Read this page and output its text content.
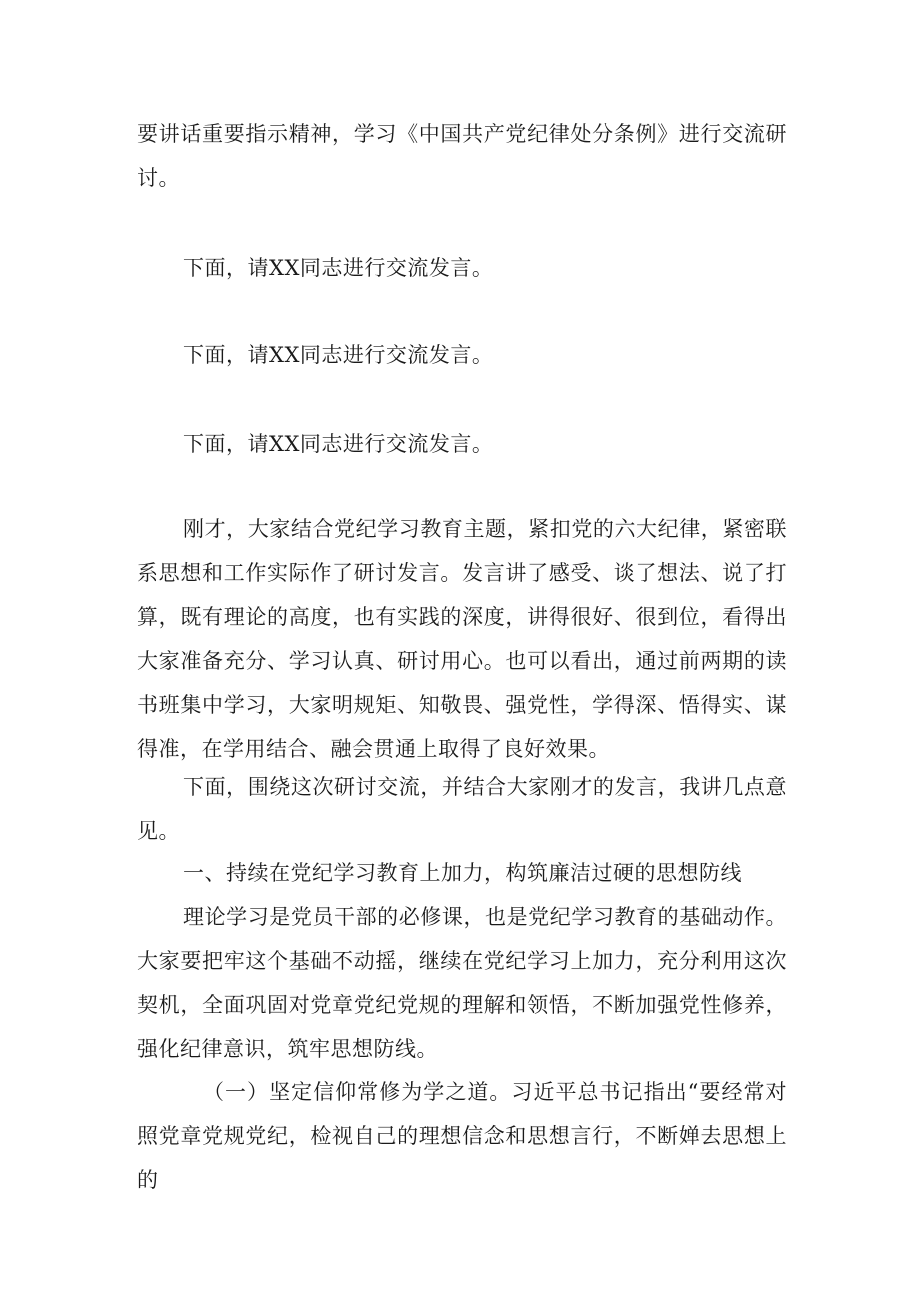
要讲话重要指示精神，学习《中国共产党纪律处分条例》进行交流研讨。

下面，请XX同志进行交流发言。

下面，请XX同志进行交流发言。

下面，请XX同志进行交流发言。

刚才，大家结合党纪学习教育主题，紧扣党的六大纪律，紧密联系思想和工作实际作了研讨发言。发言讲了感受、谈了想法、说了打算，既有理论的高度，也有实践的深度，讲得很好、很到位，看得出大家准备充分、学习认真、研讨用心。也可以看出，通过前两期的读书班集中学习，大家明规矩、知敬畏、强党性，学得深、悟得实、谋得准，在学用结合、融会贯通上取得了良好效果。

下面，围绕这次研讨交流，并结合大家刚才的发言，我讲几点意见。

一、持续在党纪学习教育上加力，构筑廉洁过硬的思想防线

理论学习是党员干部的必修课，也是党纪学习教育的基础动作。大家要把牢这个基础不动摇，继续在党纪学习上加力，充分利用这次契机，全面巩固对党章党纪党规的理解和领悟，不断加强党性修养，强化纪律意识，筑牢思想防线。

（一）坚定信仰常修为学之道。习近平总书记指出“要经常对照党章党规党纪，检视自己的理想信念和思想言行，不断婵去思想上的
